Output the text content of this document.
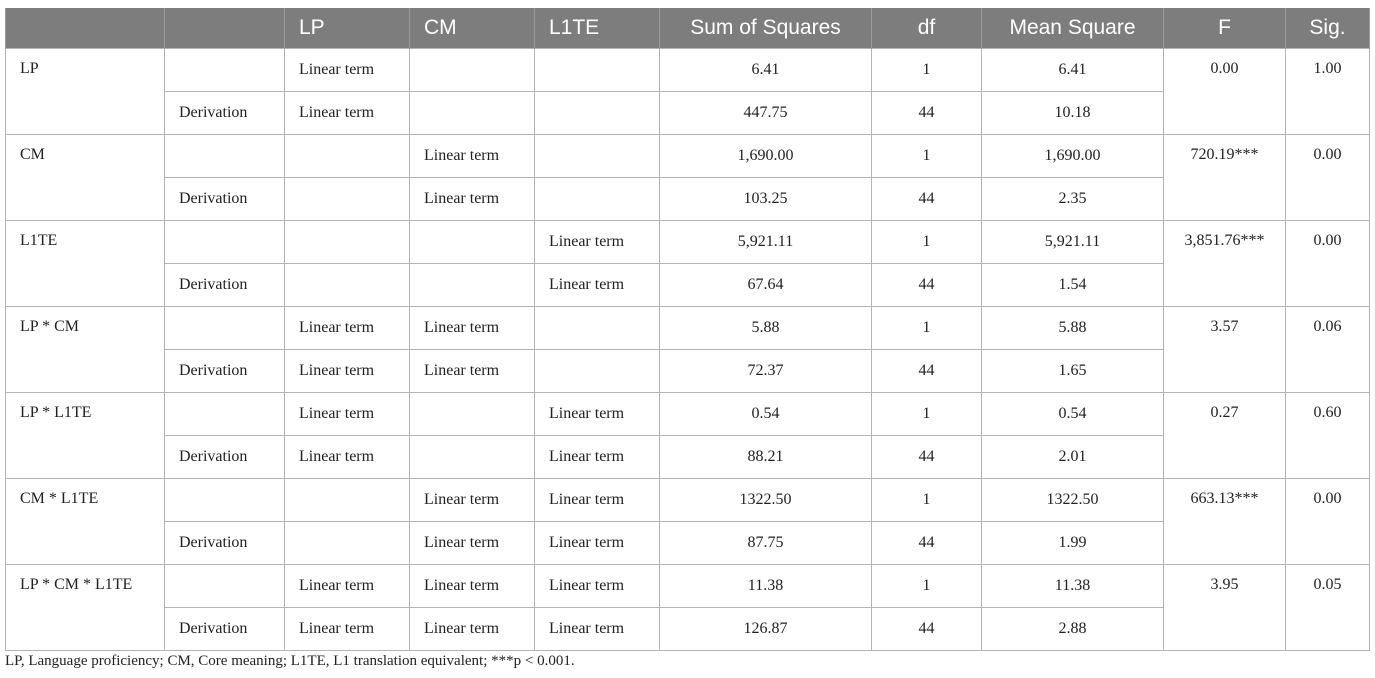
		LP	CM	L1TE	Sum of Squares	df	Mean Square	F	Sig.
LP		Linear term			6.41	1	6.41	0.00	1.00
	Derivation	Linear term			447.75	44	10.18		
CM			Linear term		1,690.00	1	1,690.00	720.19***	0.00
	Derivation		Linear term		103.25	44	2.35		
L1TE				Linear term	5,921.11	1	5,921.11	3,851.76***	0.00
	Derivation			Linear term	67.64	44	1.54		
LP * CM		Linear term	Linear term		5.88	1	5.88	3.57	0.06
	Derivation	Linear term	Linear term		72.37	44	1.65		
LP * L1TE		Linear term		Linear term	0.54	1	0.54	0.27	0.60
	Derivation	Linear term		Linear term	88.21	44	2.01		
CM * L1TE			Linear term	Linear term	1322.50	1	1322.50	663.13***	0.00
	Derivation		Linear term	Linear term	87.75	44	1.99		
LP * CM * L1TE		Linear term	Linear term	Linear term	11.38	1	11.38	3.95	0.05
	Derivation	Linear term	Linear term	Linear term	126.87	44	2.88		
LP, Language proficiency; CM, Core meaning; L1TE, L1 translation equivalent; ***p < 0.001.
